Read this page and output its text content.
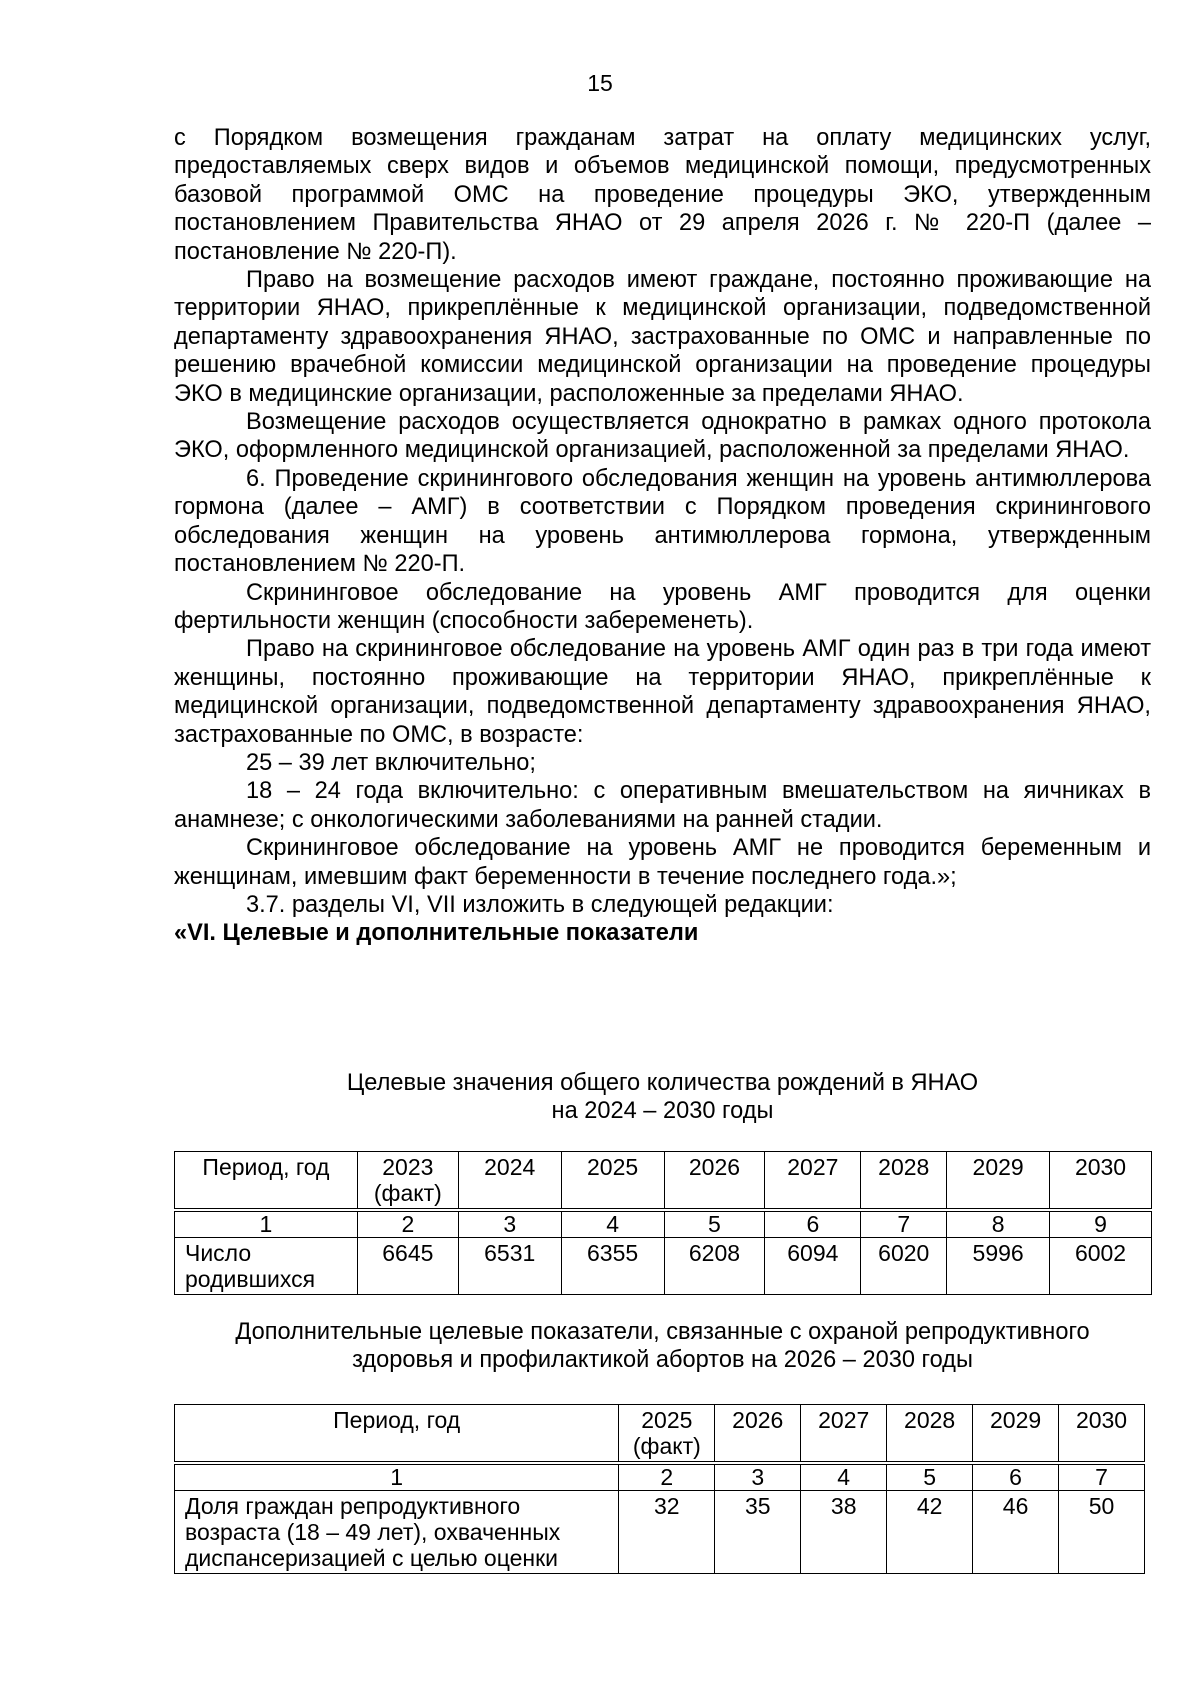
15

с Порядком возмещения гражданам затрат на оплату медицинских услуг, предоставляемых сверх видов и объемов медицинской помощи, предусмотренных базовой программой ОМС на проведение процедуры ЭКО, утвержденным постановлением Правительства ЯНАО от 29 апреля 2026 г. № 220-П (далее – постановление № 220-П).

Право на возмещение расходов имеют граждане, постоянно проживающие на территории ЯНАО, прикреплённые к медицинской организации, подведомственной департаменту здравоохранения ЯНАО, застрахованные по ОМС и направленные по решению врачебной комиссии медицинской организации на проведение процедуры ЭКО в медицинские организации, расположенные за пределами ЯНАО.

Возмещение расходов осуществляется однократно в рамках одного протокола ЭКО, оформленного медицинской организацией, расположенной за пределами ЯНАО.

6. Проведение скринингового обследования женщин на уровень антимюллерова гормона (далее – АМГ) в соответствии с Порядком проведения скринингового обследования женщин на уровень антимюллерова гормона, утвержденным постановлением № 220-П.

Скрининговое обследование на уровень АМГ проводится для оценки фертильности женщин (способности забеременеть).

Право на скрининговое обследование на уровень АМГ один раз в три года имеют женщины, постоянно проживающие на территории ЯНАО, прикреплённые к медицинской организации, подведомственной департаменту здравоохранения ЯНАО, застрахованные по ОМС, в возрасте:

25 – 39 лет включительно;

18 – 24 года включительно: с оперативным вмешательством на яичниках в анамнезе; с онкологическими заболеваниями на ранней стадии.

Скрининговое обследование на уровень АМГ не проводится беременным и женщинам, имевшим факт беременности в течение последнего года.»;

3.7. разделы VI, VII изложить в следующей редакции:

«VI. Целевые и дополнительные показатели

Целевые значения общего количества рождений в ЯНАО
на 2024 – 2030 годы
Период, год	2023 (факт)	2024	2025	2026	2027	2028	2029	2030

1	2	3	4	5	6	7	8	9
Число родившихся	6645	6531	6355	6208	6094	6020	5996	6002
Дополнительные целевые показатели, связанные с охраной репродуктивного
здоровья и профилактикой абортов на 2026 – 2030 годы
Период, год	2025 (факт)	2026	2027	2028	2029	2030

1	2	3	4	5	6	7
Доля граждан репродуктивного возраста (18 – 49 лет), охваченных диспансеризацией с целью оценки	32	35	38	42	46	50
